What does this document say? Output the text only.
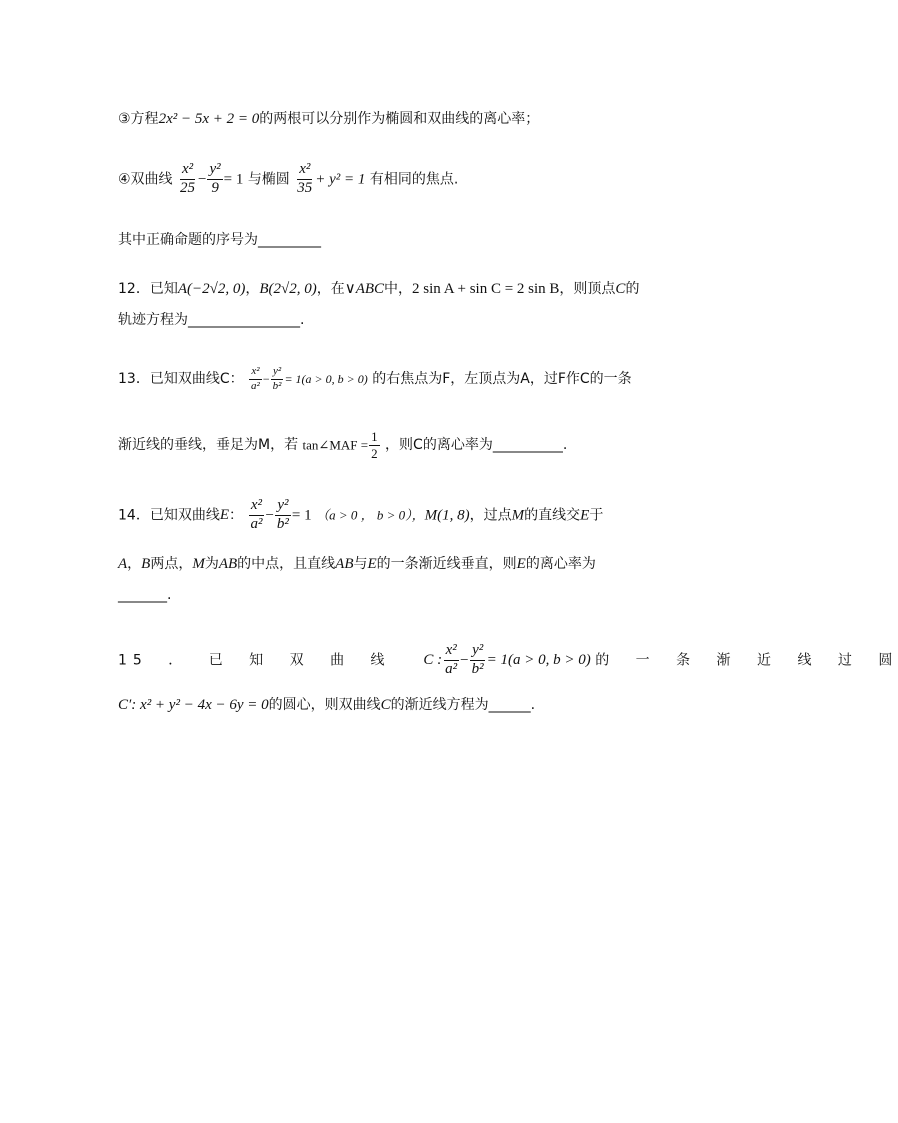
③方程2x² − 5x + 2 = 0的两根可以分别作为椭圆和双曲线的离心率；
④双曲线 $\frac{\text{x²}}{25} - \frac{\text{y²}}{9} = 1$ 与椭圆 $\frac{\text{x²}}{35} + y^2 = 1$ 有相同的焦点.
其中正确命题的序号为_________
12．已知A(−2√2, 0)，B(2√2, 0)，在∨ABC中，2 sin A + sin C = 2 sin B，则顶点C的
轨迹方程为________________.
13．已知双曲线C： $\frac{\text{x²}}{\text{a²}} - \frac{\text{y²}}{\text{b²}} = 1(a > 0$, b > 0) 的右焦点为F，左顶点为A，过F作C的一条
渐近线的垂线，垂足为M，若 tan∠MAF = $\frac{1}{2}$ ，则C的离心率为__________.
14．已知双曲线E： $\frac{\text{x²}}{\text{a²}} - \frac{\text{y²}}{\text{b²}} = 1$ （a > 0 ， b > 0），M(1, 8)，过点M的直线交E于
A，B两点，M为AB的中点，且直线AB与E的一条渐近线垂直，则E的离心率为
_______.
15 ． 已 知 双 曲 线 C : $\frac{\text{x²}}{\text{a²}} - \frac{\text{y²}}{\text{b²}} = 1(a > 0$, b > 0) 的 一 条 渐 近 线 过 圆
C′: x² + y² − 4x − 6y = 0的圆心，则双曲线C的渐近线方程为______.
